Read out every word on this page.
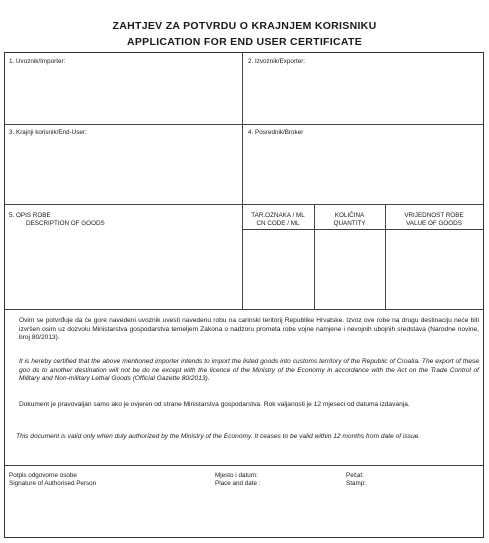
ZAHTJEV ZA POTVRDU O KRAJNJEM KORISNIKU
APPLICATION FOR END USER CERTIFICATE
1. Uvoznik/Importer:	2. Izvoznik/Exporter:
3. Krajnji korisnik/End-User:	4. Posrednik/Broker
5. OPIS ROBE
DESCRIPTION OF GOODS
TAR.OZNAKA / ML
CN CODE / ML
KOLIČINA
QUANTITY
VRIJEDNOST ROBE
VALUE OF GOODS
Ovim se potvrđuje da će gore navedeni uvoznik uvesti navedenu robu na carinski teritorij Republike Hrvatske. Izvoz ove robe na drugu destinaciju neće biti izvršen osim uz dozvolu Ministarstva gospodarstva temeljem Zakona o nadzoru prometa robe vojne namjene i nevojnih ubojnih sredstava (Narodne novine, broj 80/2013).
It is hereby certified that the above mentioned importer intends to import the listed goods into customs territory of the Republic of Croatia. The export of these goo ds to another destination will not be do ne except with the licence of the Ministry of the Economy in accordance with the Act on the Trade Control of Military and Non-military Lethal Goods (Official Gazette 80/2013).
Dokument je pravovaljan samo ako je ovjeren od strane Ministarstva gospodarstva. Rok valjanosti je 12 mjeseci od datuma izdavanja.
This document is valid only when duly authorized by the Ministry of the Economy. It ceases to be valid within 12 months from date of issue.
Potpis odgovorne osobe
Signature of Authorised Person
Mjesto i datum:
Place and date :
Pečat:
Stamp:
